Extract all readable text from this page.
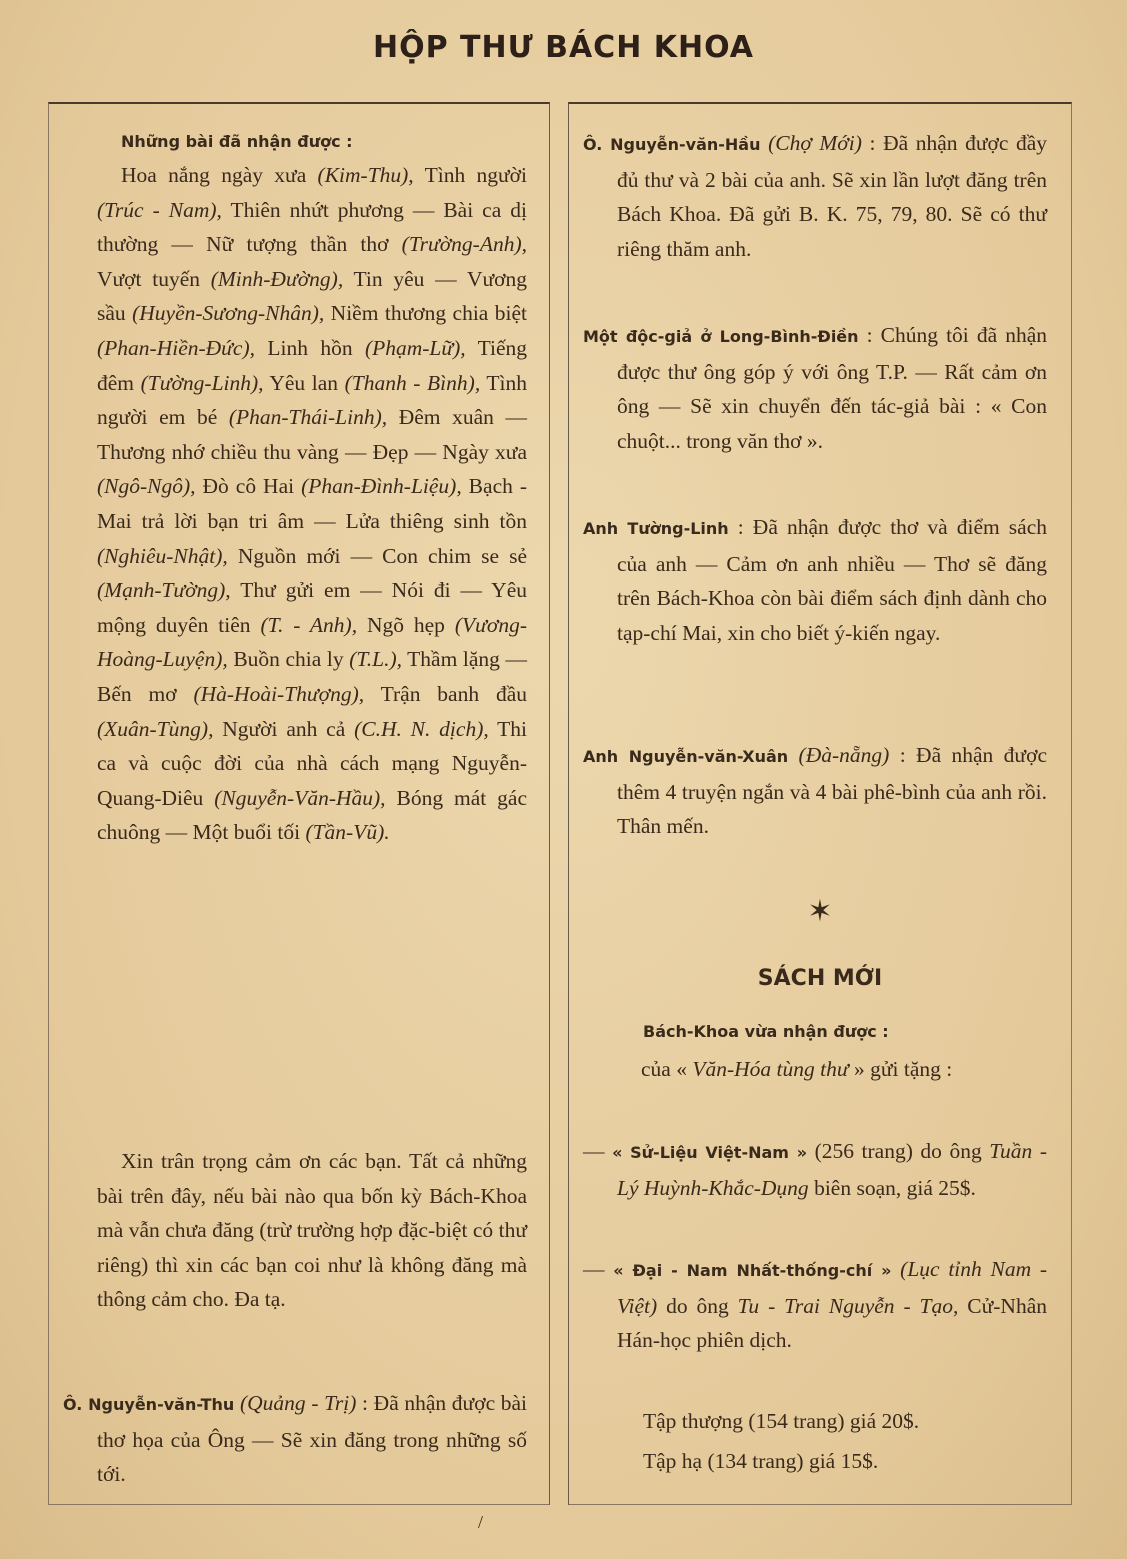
HỘP THƯ BÁCH KHOA
Những bài đã nhận được :
Hoa nắng ngày xưa (Kim-Thu), Tình người (Trúc - Nam), Thiên nhứt phương — Bài ca dị thường — Nữ tượng thần thơ (Trường-Anh), Vượt tuyến (Minh-Đường), Tin yêu — Vương sầu (Huyền-Sương-Nhân), Niềm thương chia biệt (Phan-Hiền-Đức), Linh hồn (Phạm-Lữ), Tiếng đêm (Tường-Linh), Yêu lan (Thanh - Bình), Tình người em bé (Phan-Thái-Linh), Đêm xuân — Thương nhớ chiều thu vàng — Đẹp — Ngày xưa (Ngô-Ngô), Đò cô Hai (Phan-Đình-Liệu), Bạch - Mai trả lời bạn tri âm — Lửa thiêng sinh tồn (Nghiêu-Nhật), Nguồn mới — Con chim se sẻ (Mạnh-Tường), Thư gửi em — Nói đi — Yêu mộng duyên tiên (T. - Anh), Ngõ hẹp (Vương-Hoàng-Luyện), Buồn chia ly (T.L.), Thầm lặng — Bến mơ (Hà-Hoài-Thượng), Trận banh đầu (Xuân-Tùng), Người anh cả (C.H. N. dịch), Thi ca và cuộc đời của nhà cách mạng Nguyễn-Quang-Diêu (Nguyễn-Văn-Hầu), Bóng mát gác chuông — Một buổi tối (Tần-Vũ).
Xin trân trọng cảm ơn các bạn. Tất cả những bài trên đây, nếu bài nào qua bốn kỳ Bách-Khoa mà vẫn chưa đăng (trừ trường hợp đặc-biệt có thư riêng) thì xin các bạn coi như là không đăng mà thông cảm cho. Đa tạ.
Ô. Nguyễn-văn-Thu (Quảng - Trị) : Đã nhận được bài thơ họa của Ông — Sẽ xin đăng trong những số tới.
Ô. Nguyễn-văn-Hầu (Chợ Mới) : Đã nhận được đầy đủ thư và 2 bài của anh. Sẽ xin lần lượt đăng trên Bách Khoa. Đã gửi B. K. 75, 79, 80. Sẽ có thư riêng thăm anh.
Một độc-giả ở Long-Bình-Điền : Chúng tôi đã nhận được thư ông góp ý với ông T.P. — Rất cảm ơn ông — Sẽ xin chuyển đến tác-giả bài : « Con chuột... trong văn thơ ».
Anh Tường-Linh : Đã nhận được thơ và điểm sách của anh — Cảm ơn anh nhiều — Thơ sẽ đăng trên Bách-Khoa còn bài điểm sách định dành cho tạp-chí Mai, xin cho biết ý-kiến ngay.
Anh Nguyễn-văn-Xuân (Đà-nẵng) : Đã nhận được thêm 4 truyện ngắn và 4 bài phê-bình của anh rồi. Thân mến.
✶
SÁCH MỚI
Bách-Khoa vừa nhận được :
của « Văn-Hóa tùng thư » gửi tặng :
— « Sử-Liệu Việt-Nam » (256 trang) do ông Tuần - Lý Huỳnh-Khắc-Dụng biên soạn, giá 25$.
— « Đại - Nam Nhất-thống-chí » (Lục tỉnh Nam - Việt) do ông Tu - Trai Nguyễn - Tạo, Cử-Nhân Hán-học phiên dịch.
Tập thượng (154 trang) giá 20$.
Tập hạ (134 trang) giá 15$.
/
